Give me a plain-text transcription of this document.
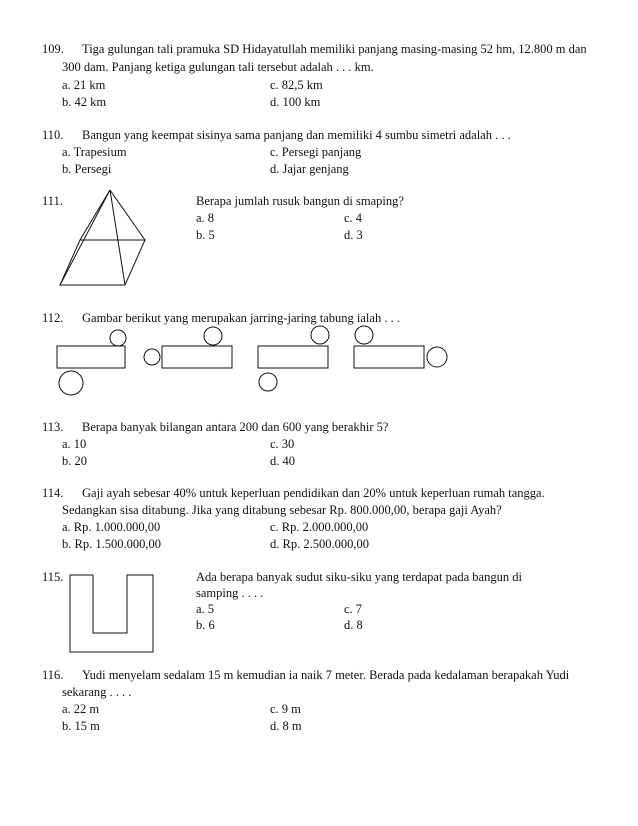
109. Tiga gulungan tali pramuka SD Hidayatullah memiliki panjang masing-masing 52 hm, 12.800 m dan
300 dam. Panjang ketiga gulungan tali tersebut adalah . . . km.
a. 21 km	c. 82,5 km
b. 42 km	d. 100 km
110. Bangun yang keempat sisinya sama panjang dan memiliki 4 sumbu simetri adalah . . .
a. Trapesium	c. Persegi panjang
b. Persegi	d. Jajar genjang
111.	Berapa jumlah rusuk bangun di smaping?
a. 8	c. 4
b. 5	d. 3
112. Gambar berikut yang merupakan jarring-jaring tabung ialah . . .
113. Berapa banyak bilangan antara 200 dan 600 yang berakhir 5?
a. 10	c. 30
b. 20	d. 40
114. Gaji ayah sebesar 40% untuk keperluan pendidikan dan 20% untuk keperluan rumah tangga.
Sedangkan sisa ditabung. Jika yang ditabung sebesar Rp. 800.000,00, berapa gaji Ayah?
a. Rp. 1.000.000,00	c. Rp. 2.000.000,00
b. Rp. 1.500.000,00	d. Rp. 2.500.000,00
115.	Ada berapa banyak sudut siku-siku yang terdapat pada bangun di
samping . . . .
a. 5	c. 7
b. 6	d. 8
116. Yudi menyelam sedalam 15 m kemudian ia naik 7 meter. Berada pada kedalaman berapakah Yudi
sekarang . . . .
a. 22 m	c. 9 m
b. 15 m	d. 8 m
